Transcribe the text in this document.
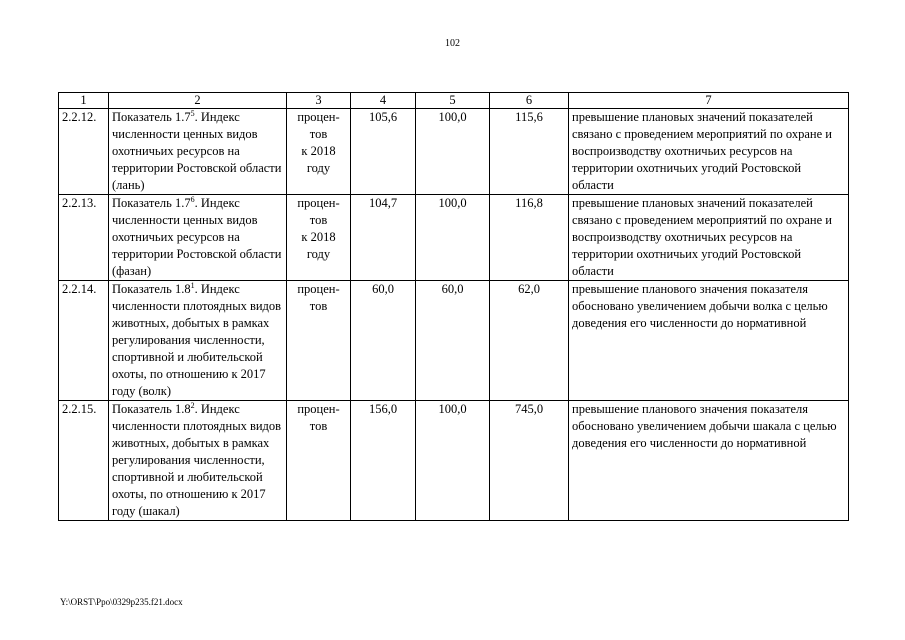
102
1	2	3	4	5	6	7
2.2.12.	Показатель $1.7^5$. Индекс численности ценных видов охотничьих ресурсов на территории Ростовской области (лань)	процен-
тов
к 2018
году	105,6	100,0	115,6	превышение плановых значений показателей связано с проведением мероприятий по охране и воспроизводству охотничьих ресурсов на территории охотничьих угодий Ростовской области
2.2.13.	Показатель $1.7^6$. Индекс численности ценных видов охотничьих ресурсов на территории Ростовской области (фазан)	процен-
тов
к 2018
году	104,7	100,0	116,8	превышение плановых значений показателей связано с проведением мероприятий по охране и воспроизводству охотничьих ресурсов на территории охотничьих угодий Ростовской области
2.2.14.	Показатель $1.8^1$. Индекс численности плотоядных видов животных, добытых в рамках регулирования численности, спортивной и любительской охоты, по отношению к 2017 году (волк)	процен-
тов	60,0	60,0	62,0	превышение планового значения показателя обосновано увеличением добычи волка с целью доведения его численности до нормативной
2.2.15.	Показатель $1.8^2$. Индекс численности плотоядных видов животных, добытых в рамках регулирования численности, спортивной и любительской охоты, по отношению к 2017 году (шакал)	процен-
тов	156,0	100,0	745,0	превышение планового значения показателя обосновано увеличением добычи шакала с целью доведения его численности до нормативной
Y:\ORST\Ppo\0329p235.f21.docx
